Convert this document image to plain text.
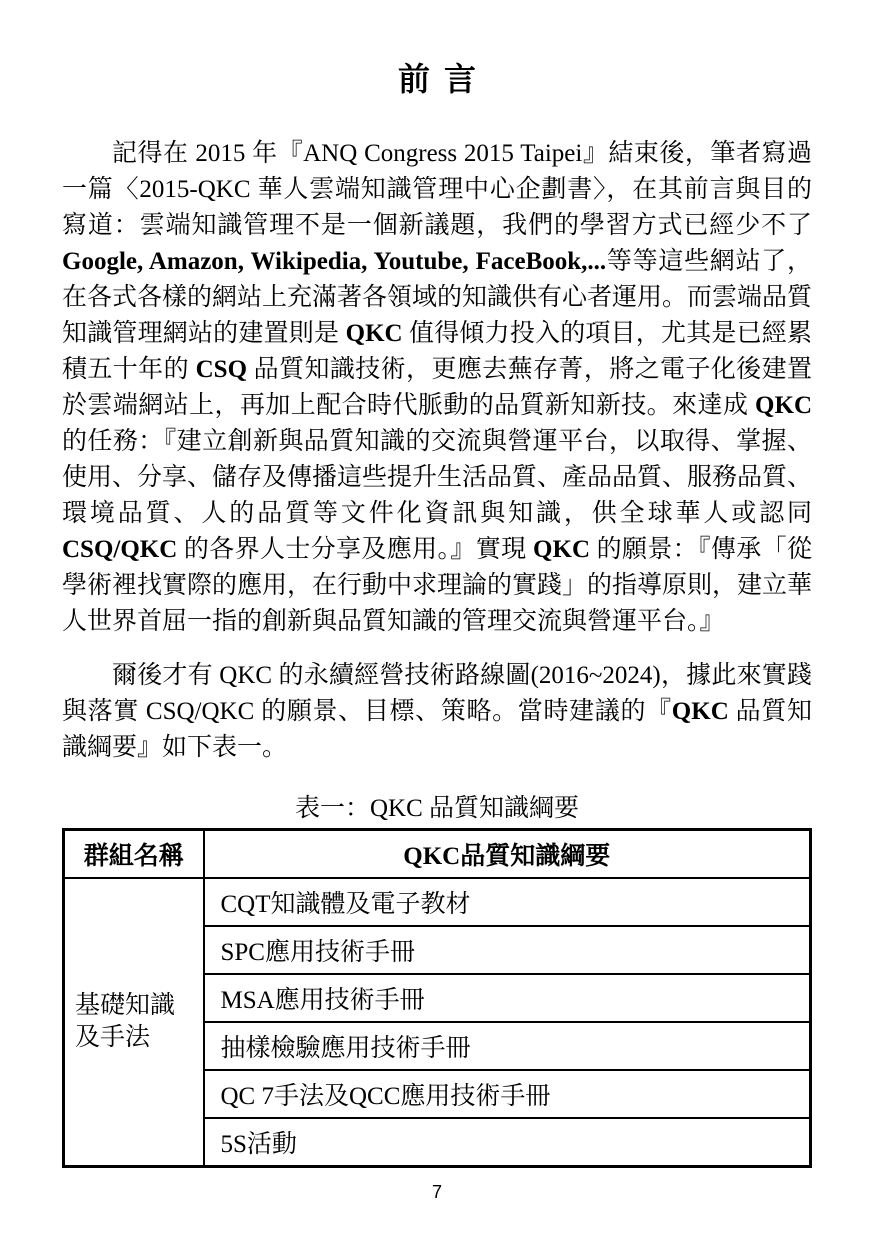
前言

記得在 2015 年『ANQ Congress 2015 Taipei』結束後，筆者寫過一篇〈2015-QKC 華人雲端知識管理中心企劃書〉，在其前言與目的寫道：雲端知識管理不是一個新議題，我們的學習方式已經少不了Google, Amazon, Wikipedia, Youtube, FaceBook,...等等這些網站了，在各式各樣的網站上充滿著各領域的知識供有心者運用。而雲端品質知識管理網站的建置則是 QKC 值得傾力投入的項目，尤其是已經累積五十年的 CSQ 品質知識技術，更應去蕪存菁，將之電子化後建置於雲端網站上，再加上配合時代脈動的品質新知新技。來達成 QKC 的任務：『建立創新與品質知識的交流與營運平台，以取得、掌握、使用、分享、儲存及傳播這些提升生活品質、產品品質、服務品質、環境品質、人的品質等文件化資訊與知識，供全球華人或認同 CSQ/QKC 的各界人士分享及應用。』實現 QKC 的願景：『傳承「從學術裡找實際的應用，在行動中求理論的實踐」的指導原則，建立華人世界首屈一指的創新與品質知識的管理交流與營運平台。』

爾後才有 QKC 的永續經營技術路線圖(2016~2024)，據此來實踐與落實 CSQ/QKC 的願景、目標、策略。當時建議的『QKC 品質知識綱要』如下表一。

表一：QKC 品質知識綱要
群組名稱	QKC品質知識綱要
基礎知識及手法	CQT知識體及電子教材
	SPC應用技術手冊
	MSA應用技術手冊
	抽樣檢驗應用技術手冊
	QC 7手法及QCC應用技術手冊
	5S活動
7
